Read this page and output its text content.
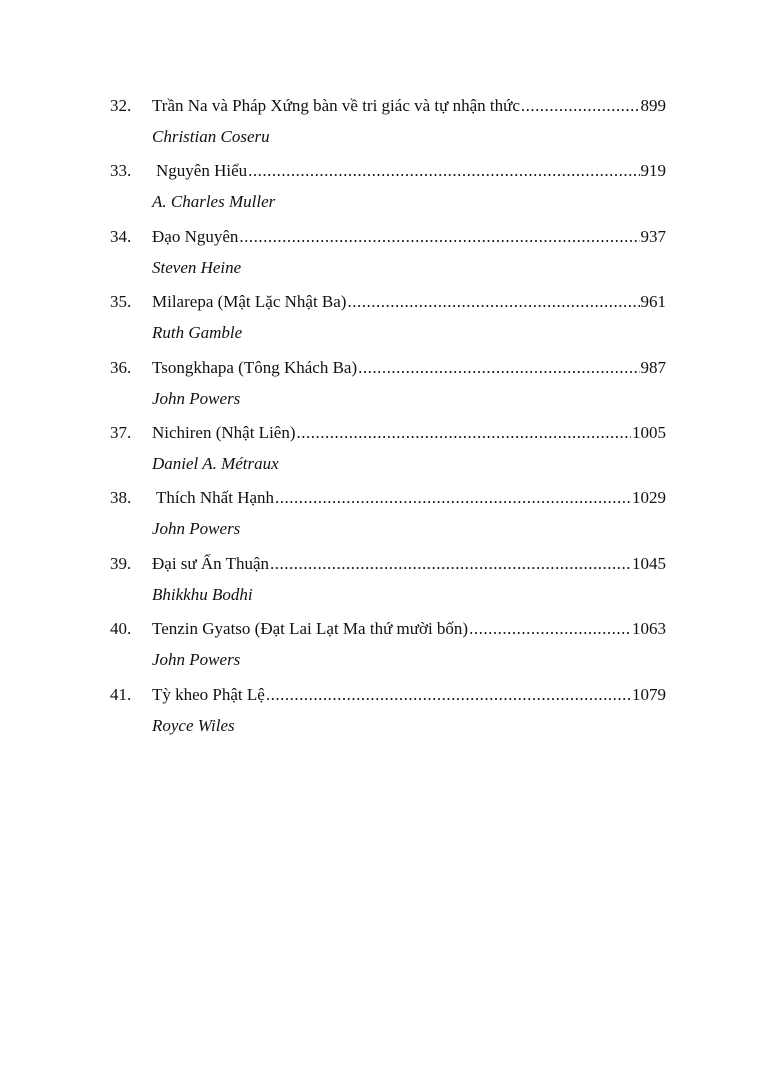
32.	Trần Na và Pháp Xứng bàn về tri giác và tự nhận thức .....	899
Christian Coseru
33.	Nguyên Hiểu .....	919
A. Charles Muller
34.	Đạo Nguyên .....	937
Steven Heine
35.	Milarepa (Mật Lặc Nhật Ba) .....	961
Ruth Gamble
36.	Tsongkhapa (Tông Khách Ba) .....	987
John Powers
37.	Nichiren (Nhật Liên) .....	1005
Daniel A. Métraux
38.	Thích Nhất Hạnh .....	1029
John Powers
39.	Đại sư Ấn Thuận .....	1045
Bhikkhu Bodhi
40.	Tenzin Gyatso (Đạt Lai Lạt Ma thứ mười bốn) .....	1063
John Powers
41.	Tỳ kheo Phật Lệ .....	1079
Royce Wiles
